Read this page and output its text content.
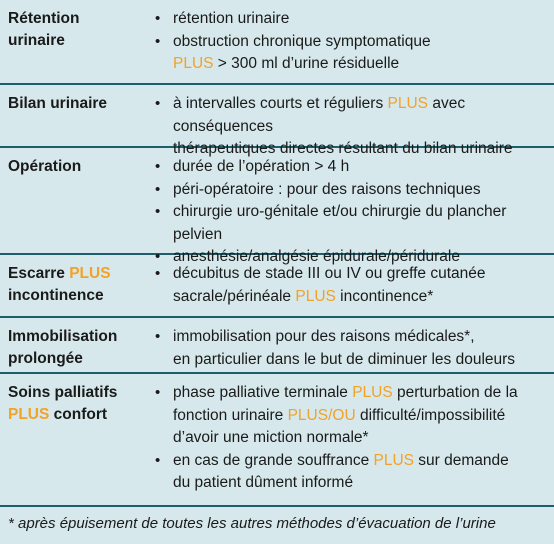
Rétention
urinaire
• rétention urinaire
• obstruction chronique symptomatique
PLUS > 300 ml d’urine résiduelle
Bilan urinaire	• à intervalles courts et réguliers PLUS avec conséquences
thérapeutiques directes résultant du bilan urinaire
Opération	• durée de l’opération > 4 h
• péri-opératoire : pour des raisons techniques
• chirurgie uro-génitale et/ou chirurgie du plancher pelvien
• anesthésie/analgésie épidurale/péridurale
Escarre PLUS
incontinence
• décubitus de stade III ou IV ou greffe cutanée
sacrale/périnéale PLUS incontinence*
Immobilisation
prolongée
• immobilisation pour des raisons médicales*,
en particulier dans le but de diminuer les douleurs
Soins palliatifs
PLUS confort
• phase palliative terminale PLUS perturbation de la
fonction urinaire PLUS/OU difficulté/impossibilité
d’avoir une miction normale*
• en cas de grande souffrance PLUS sur demande
du patient dûment informé
* après épuisement de toutes les autres méthodes d’évacuation de l’urine
